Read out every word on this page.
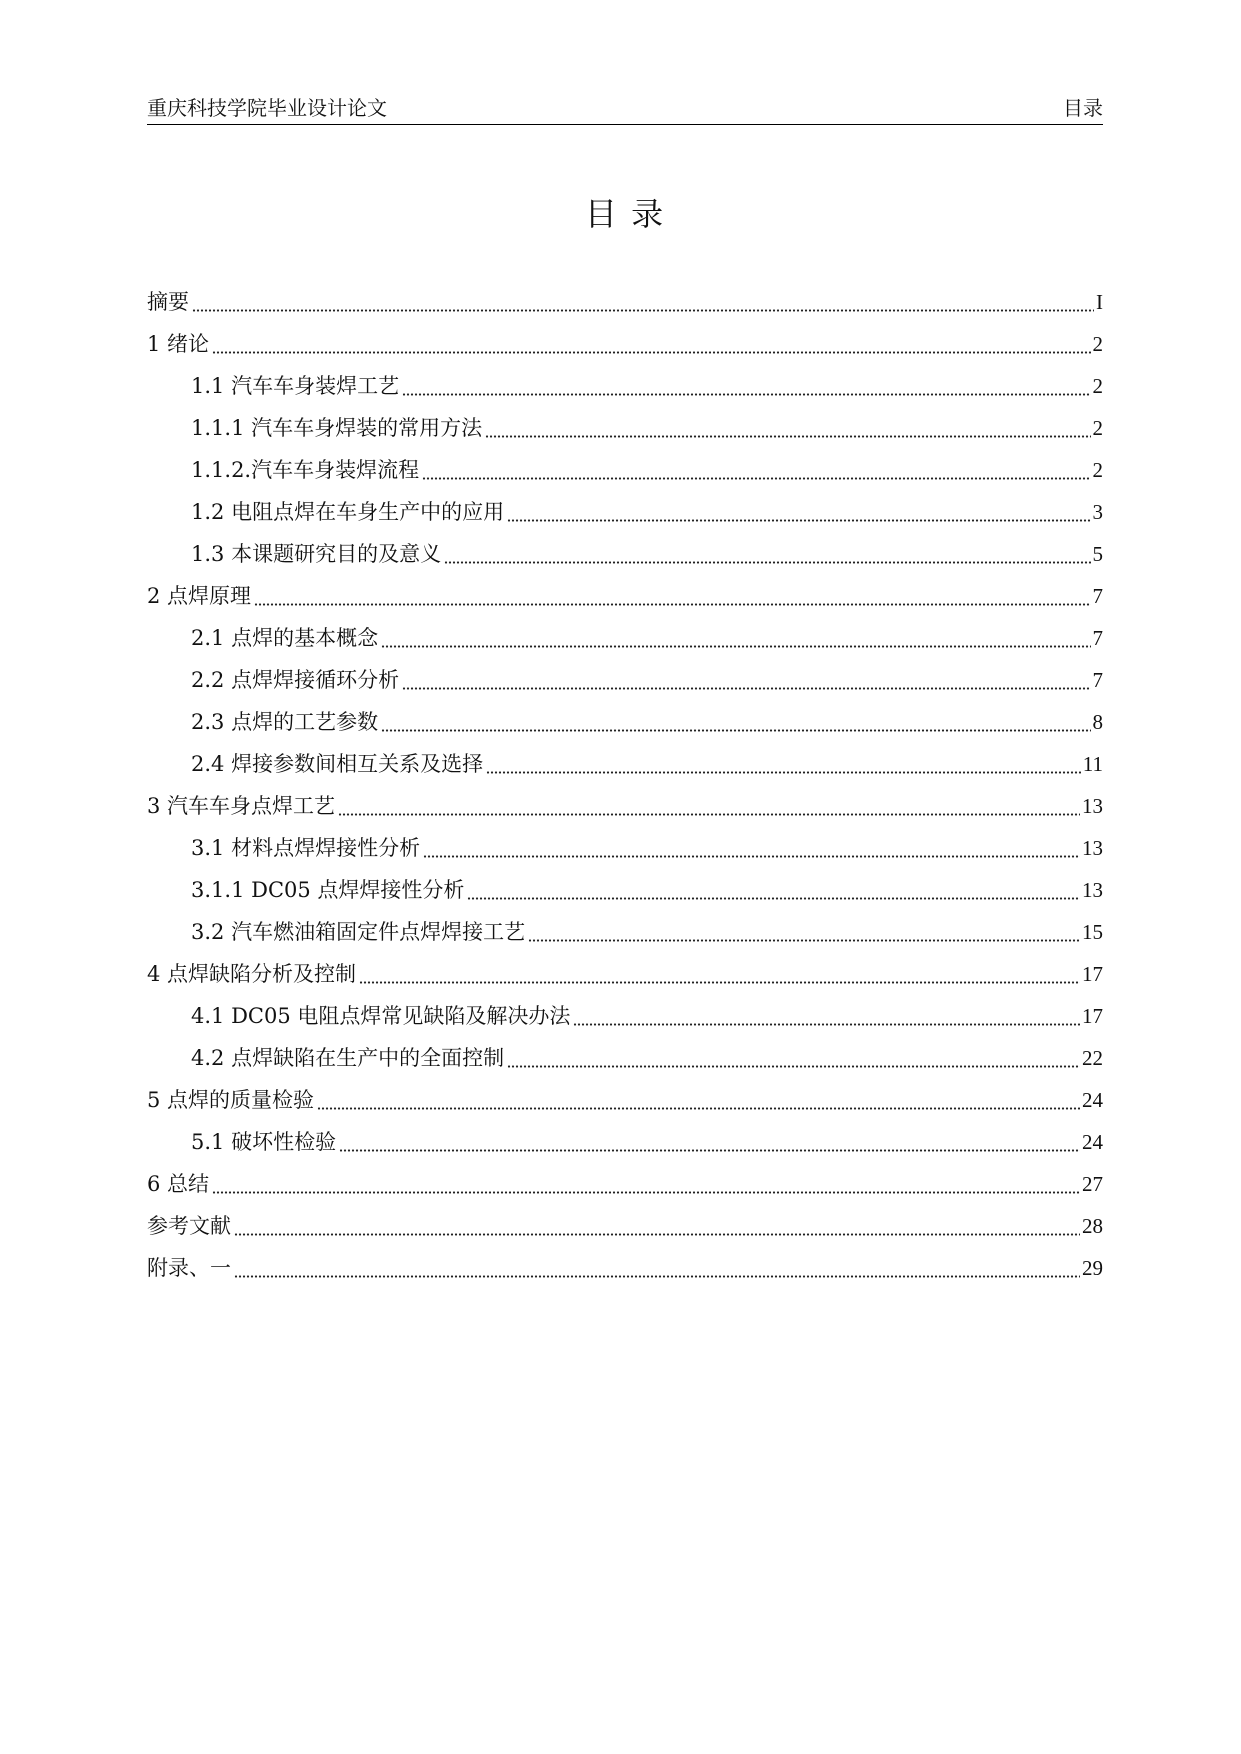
重庆科技学院毕业设计论文	目录
目 录
摘要	I
1 绪论	2
1.1 汽车车身装焊工艺	2
1.1.1 汽车车身焊装的常用方法	2
1.1.2.汽车车身装焊流程	2
1.2 电阻点焊在车身生产中的应用	3
1.3 本课题研究目的及意义	5
2 点焊原理	7
2.1 点焊的基本概念	7
2.2 点焊焊接循环分析	7
2.3 点焊的工艺参数	8
2.4 焊接参数间相互关系及选择	11
3 汽车车身点焊工艺	13
3.1 材料点焊焊接性分析	13
3.1.1 DC05 点焊焊接性分析	13
3.2 汽车燃油箱固定件点焊焊接工艺	15
4 点焊缺陷分析及控制	17
4.1 DC05 电阻点焊常见缺陷及解决办法	17
4.2 点焊缺陷在生产中的全面控制	22
5 点焊的质量检验	24
5.1 破坏性检验	24
6 总结	27
参考文献	28
附录、一	29
